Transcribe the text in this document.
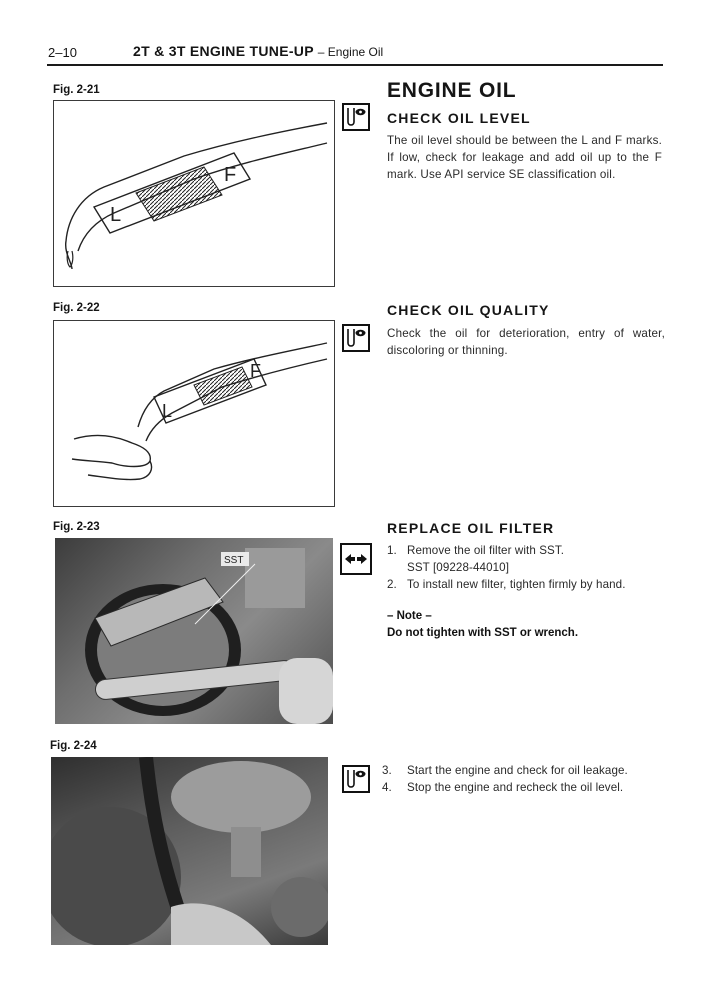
2–10	2T & 3T ENGINE TUNE-UP – Engine Oil
Fig. 2-21
L
F
Fig. 2-22
L
F
Fig. 2-23
SST
Fig. 2-24
ENGINE OIL
CHECK OIL LEVEL
The oil level should be between the L and F marks. If low, check for leakage and add oil up to the F mark. Use API service SE classification oil.
CHECK OIL QUALITY
Check the oil for deterioration, entry of water, discoloring or thinning.
REPLACE OIL FILTER
1. Remove the oil filter with SST.
SST [09228-44010]
2. To install new filter, tighten firmly by hand.
– Note –
Do not tighten with SST or wrench.
3.	Start the engine and check for oil leakage.
4.	Stop the engine and recheck the oil level.
